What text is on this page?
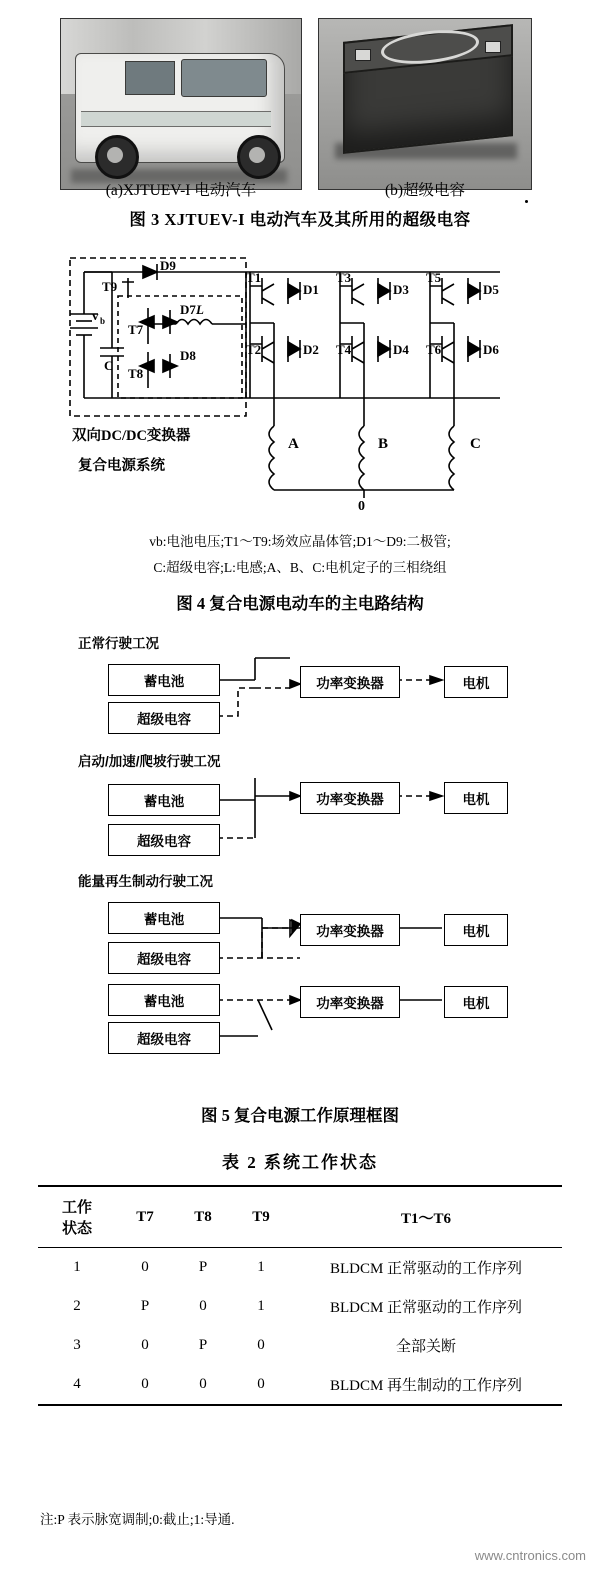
(a)XJTUEV-I 电动汽车	(b)超级电容
图 3 XJTUEV-I 电动汽车及其所用的超级电容
D9
T9
v b
C
T7
D7 L
T8
D8
T1
T2
T3
T4
T5
T6
D1
D2
D3
D4
D5
D6
A	B	C
0
双向DC/DC变换器
复合电源系统
vb:电池电压;T1～T9:场效应晶体管;D1～D9:二极管;
C:超级电容;L:电感;A、B、C:电机定子的三相绕组
图 4 复合电源电动车的主电路结构
正常行驶工况
启动/加速/爬坡行驶工况
能量再生制动行驶工况
蓄电池
超级电容
功率变换器	电机
蓄电池
超级电容
功率变换器	电机
蓄电池
超级电容
功率变换器	电机
蓄电池
超级电容
功率变换器	电机
图 5 复合电源工作原理框图
表 2 系统工作状态
工作
状态	T7	T8	T9	T1～T6
1	0	P	1	BLDCM 正常驱动的工作序列
2	P	0	1	BLDCM 正常驱动的工作序列
3	0	P	0	全部关断
4	0	0	0	BLDCM 再生制动的工作序列
注:P 表示脉宽调制;0:截止;1:导通.
www.cntronics.com
